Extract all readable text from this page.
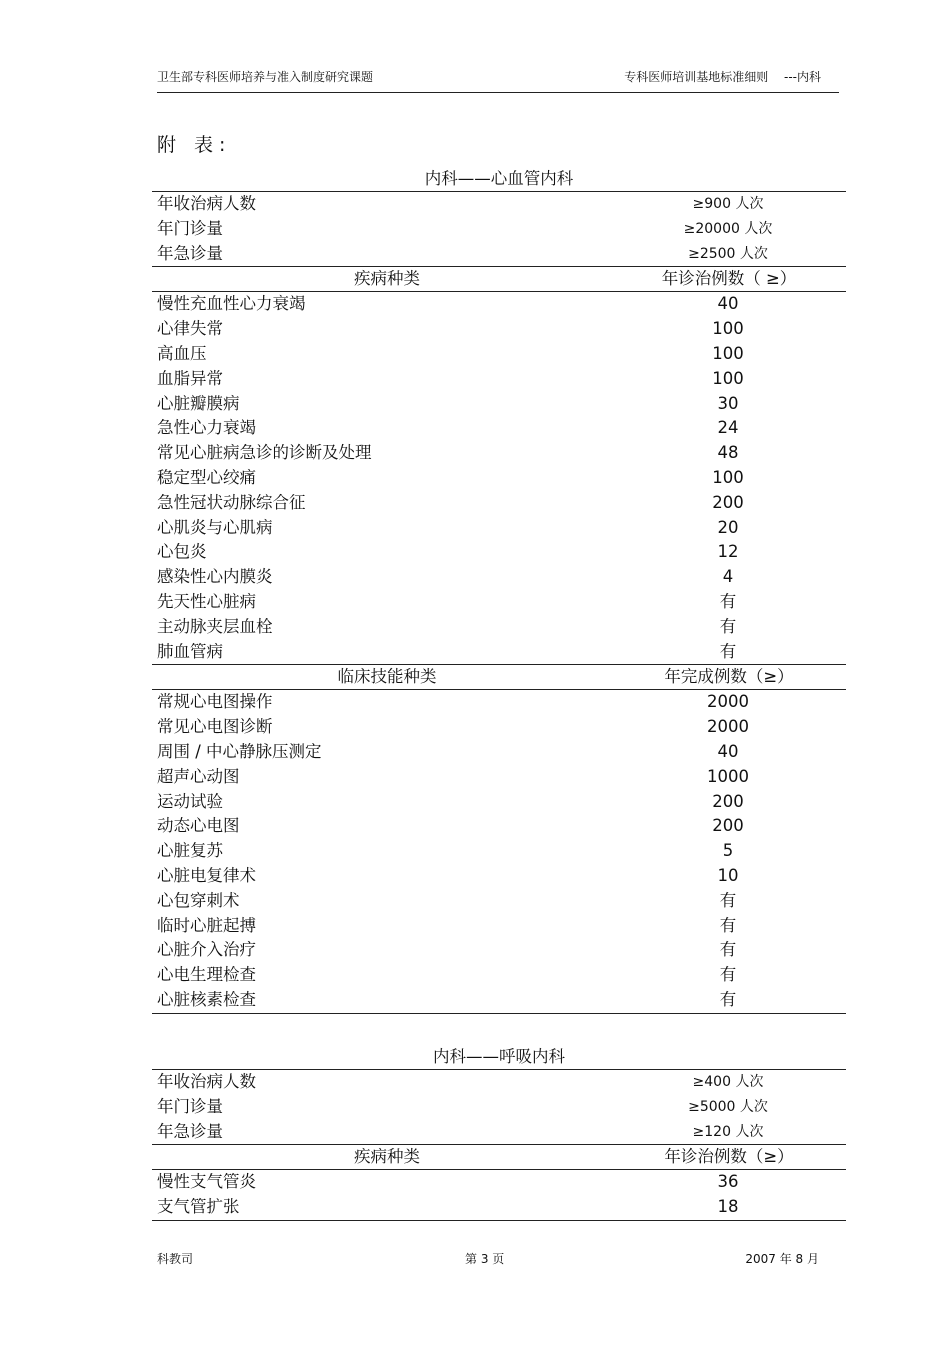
卫生部专科医师培养与准入制度研究课题	专科医师培训基地标准细则　 ---内科
附 表:
内科——心血管内科
年收治病人数	≥900 人次
年门诊量	≥20000 人次
年急诊量	≥2500 人次
疾病种类	年诊治例数（ ≥）
慢性充血性心力衰竭	40
心律失常	100
高血压	100
血脂异常	100
心脏瓣膜病	30
急性心力衰竭	24
常见心脏病急诊的诊断及处理	48
稳定型心绞痛	100
急性冠状动脉综合征	200
心肌炎与心肌病	20
心包炎	12
感染性心内膜炎	4
先天性心脏病	有
主动脉夹层血栓	有
肺血管病	有
临床技能种类	年完成例数（≥）
常规心电图操作	2000
常见心电图诊断	2000
周围 / 中心静脉压测定	40
超声心动图	1000
运动试验	200
动态心电图	200
心脏复苏	5
心脏电复律术	10
心包穿刺术	有
临时心脏起搏	有
心脏介入治疗	有
心电生理检查	有
心脏核素检查	有
内科——呼吸内科
年收治病人数	≥400 人次
年门诊量	≥5000 人次
年急诊量	≥120 人次
疾病种类	年诊治例数（≥）
慢性支气管炎	36
支气管扩张	18
科教司	第 3 页	2007 年 8 月
